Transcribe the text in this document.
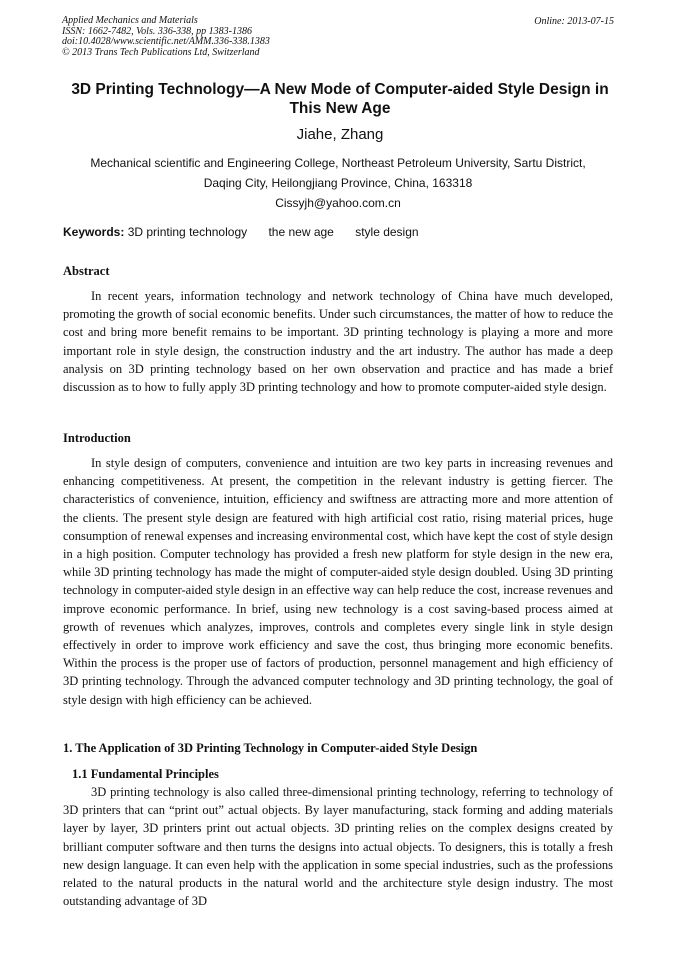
Applied Mechanics and Materials
ISSN: 1662-7482, Vols. 336-338, pp 1383-1386
doi:10.4028/www.scientific.net/AMM.336-338.1383
© 2013 Trans Tech Publications Ltd, Switzerland
Online: 2013-07-15
3D Printing Technology—A New Mode of Computer-aided Style Design in
This New Age
Jiahe, Zhang
Mechanical scientific and Engineering College, Northeast Petroleum University, Sartu District,
Daqing City, Heilongjiang Province, China, 163318
Cissyjh@yahoo.com.cn
Keywords: 3D printing technology the new age style design
Abstract
In recent years, information technology and network technology of China have much developed, promoting the growth of social economic benefits. Under such circumstances, the matter of how to reduce the cost and bring more benefit remains to be important. 3D printing technology is playing a more and more important role in style design, the construction industry and the art industry. The author has made a deep analysis on 3D printing technology based on her own observation and practice and has made a brief discussion as to how to fully apply 3D printing technology and how to promote computer-aided style design.
Introduction
In style design of computers, convenience and intuition are two key parts in increasing revenues and enhancing competitiveness. At present, the competition in the relevant industry is getting fiercer. The characteristics of convenience, intuition, efficiency and swiftness are attracting more and more attention of the clients. The present style design are featured with high artificial cost ratio, rising material prices, huge consumption of renewal expenses and increasing environmental cost, which have kept the cost of style design in a high position. Computer technology has provided a fresh new platform for style design in the new era, while 3D printing technology has made the might of computer-aided style design doubled. Using 3D printing technology in computer-aided style design in an effective way can help reduce the cost, increase revenues and improve economic performance. In brief, using new technology is a cost saving-based process aimed at growth of revenues which analyzes, improves, controls and completes every single link in style design effectively in order to improve work efficiency and save the cost, thus bringing more economic benefits. Within the process is the proper use of factors of production, personnel management and high efficiency of 3D printing technology. Through the advanced computer technology and 3D printing technology, the goal of style design with high efficiency can be achieved.
1. The Application of 3D Printing Technology in Computer-aided Style Design
1.1 Fundamental Principles
3D printing technology is also called three-dimensional printing technology, referring to technology of 3D printers that can “print out” actual objects. By layer manufacturing, stack forming and adding materials layer by layer, 3D printers print out actual objects. 3D printing relies on the complex designs created by brilliant computer software and then turns the designs into actual objects. To designers, this is totally a fresh new design language. It can even help with the application in some special industries, such as the professions related to the natural products in the natural world and the architecture style design industry. The most outstanding advantage of 3D
